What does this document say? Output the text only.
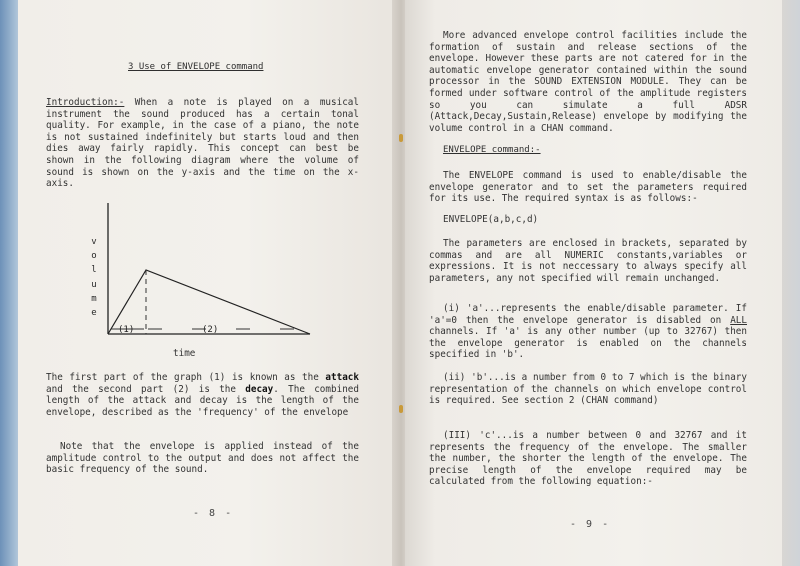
3 Use of ENVELOPE command
Introduction:- When a note is played on a musical instrument the sound produced has a certain tonal quality. For example, in the case of a piano, the note is not sustained indefinitely but starts loud and then dies away fairly rapidly. This concept can best be shown in the following diagram where the volume of sound is shown on the y-axis and the time on the x-axis.
(1)	(2)
volume
time
The first part of the graph (1) is known as the attack and the second part (2) is the decay. The combined length of the attack and decay is the length of the envelope, described as the 'frequency' of the envelope
Note that the envelope is applied instead of the amplitude control to the output and does not affect the basic frequency of the sound.
- 8 -
More advanced envelope control facilities include the formation of sustain and release sections of the envelope. However these parts are not catered for in the automatic envelope generator contained within the sound processor in the SOUND EXTENSION MODULE. They can be formed under software control of the amplitude registers so you can simulate a full ADSR (Attack,Decay,Sustain,Release) envelope by modifying the volume control in a CHAN command.
ENVELOPE command:-
The ENVELOPE command is used to enable/disable the envelope generator and to set the parameters required for its use. The required syntax is as follows:-
ENVELOPE(a,b,c,d)
The parameters are enclosed in brackets, separated by commas and are all NUMERIC constants,variables or expressions. It is not neccessary to always specify all parameters, any not specified will remain unchanged.
(i) 'a'...represents the enable/disable parameter. If 'a'=0 then the envelope generator is disabled on ALL channels. If 'a' is any other number (up to 32767) then the envelope generator is enabled on the channels specified in 'b'.
(ii) 'b'...is a number from 0 to 7 which is the binary representation of the channels on which envelope control is required. See section 2 (CHAN command)
(III) 'c'...is a number between 0 and 32767 and it represents the frequency of the envelope. The smaller the number, the shorter the length of the envelope. The precise length of the envelope required may be calculated from the following equation:-
- 9 -
